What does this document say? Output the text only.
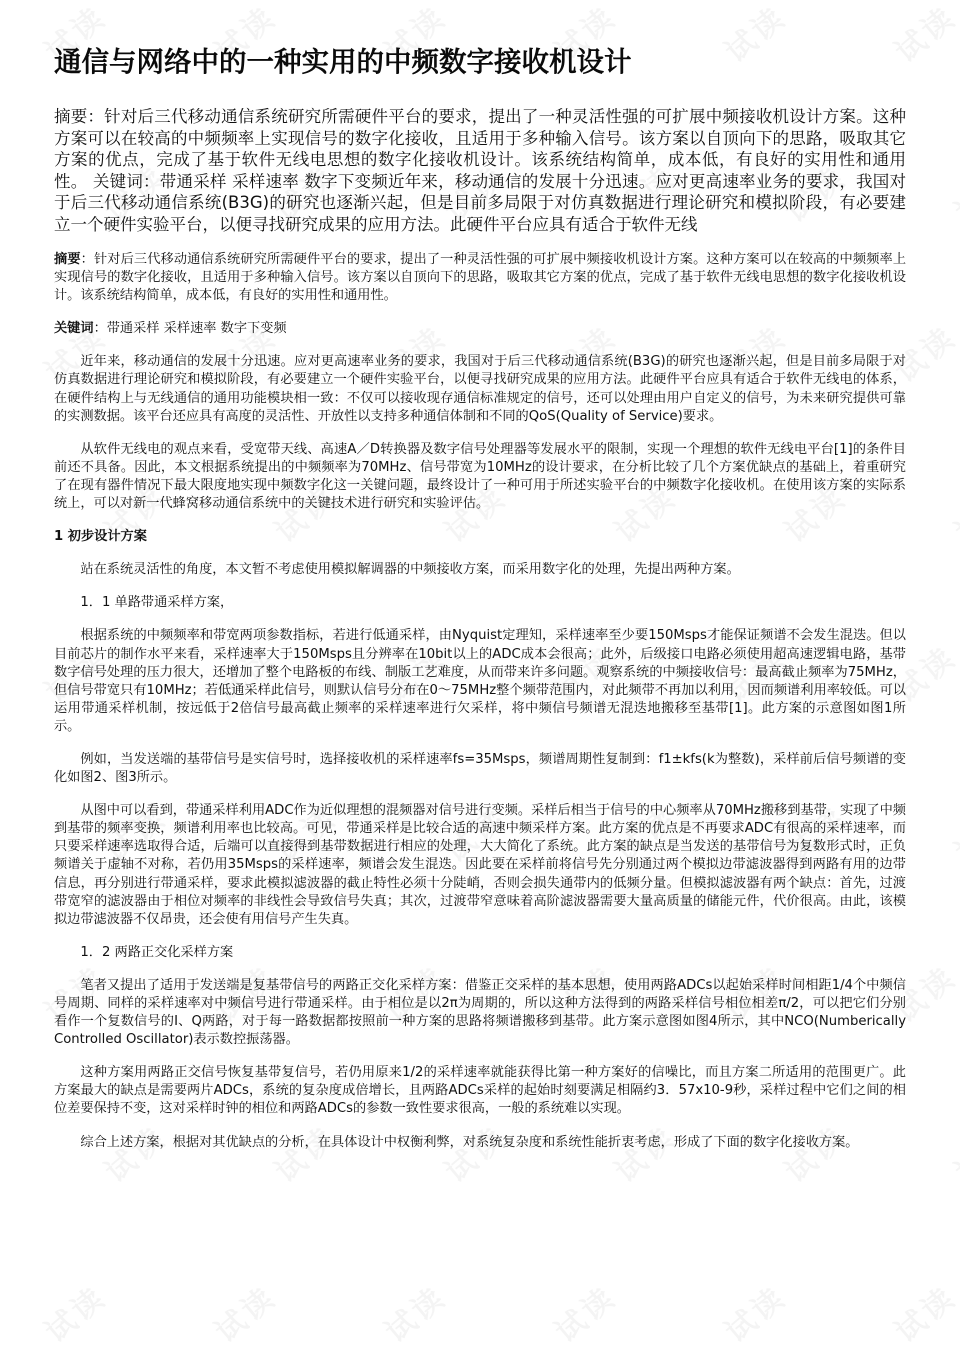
通信与网络中的一种实用的中频数字接收机设计

摘要：针对后三代移动通信系统研究所需硬件平台的要求，提出了一种灵活性强的可扩展中频接收机设计方案。这种方案可以在较高的中频频率上实现信号的数字化接收，且适用于多种输入信号。该方案以自顶向下的思路，吸取其它方案的优点，完成了基于软件无线电思想的数字化接收机设计。该系统结构简单，成本低，有良好的实用性和通用性。 关键词：带通采样 采样速率 数字下变频近年来，移动通信的发展十分迅速。应对更高速率业务的要求，我国对于后三代移动通信系统(B3G)的研究也逐渐兴起，但是目前多局限于对仿真数据进行理论研究和模拟阶段，有必要建立一个硬件实验平台，以便寻找研究成果的应用方法。此硬件平台应具有适合于软件无线

摘要：针对后三代移动通信系统研究所需硬件平台的要求，提出了一种灵活性强的可扩展中频接收机设计方案。这种方案可以在较高的中频频率上实现信号的数字化接收，且适用于多种输入信号。该方案以自顶向下的思路，吸取其它方案的优点，完成了基于软件无线电思想的数字化接收机设计。该系统结构简单，成本低，有良好的实用性和通用性。

关键词：带通采样 采样速率 数字下变频

近年来，移动通信的发展十分迅速。应对更高速率业务的要求，我国对于后三代移动通信系统(B3G)的研究也逐渐兴起，但是目前多局限于对仿真数据进行理论研究和模拟阶段，有必要建立一个硬件实验平台，以便寻找研究成果的应用方法。此硬件平台应具有适合于软件无线电的体系，在硬件结构上与无线通信的通用功能模块相一致：不仅可以接收现存通信标准规定的信号，还可以处理由用户自定义的信号，为未来研究提供可靠的实测数据。该平台还应具有高度的灵活性、开放性以支持多种通信体制和不同的QoS(Quality of Service)要求。

从软件无线电的观点来看，受宽带天线、高速A／D转换器及数字信号处理器等发展水平的限制，实现一个理想的软件无线电平台[1]的条件目前还不具备。因此，本文根据系统提出的中频频率为70MHz、信号带宽为10MHz的设计要求，在分析比较了几个方案优缺点的基础上，着重研究了在现有器件情况下最大限度地实现中频数字化这一关键问题，最终设计了一种可用于所述实验平台的中频数字化接收机。在使用该方案的实际系统上，可以对新一代蜂窝移动通信系统中的关键技术进行研究和实验评估。

1 初步设计方案

站在系统灵活性的角度，本文暂不考虑使用模拟解调器的中频接收方案，而采用数字化的处理，先提出两种方案。

1．1 单路带通采样方案，

根据系统的中频频率和带宽两项参数指标，若进行低通采样，由Nyquist定理知，采样速率至少要150Msps才能保证频谱不会发生混迭。但以目前芯片的制作水平来看，采样速率大于150Msps且分辨率在10bit以上的ADC成本会很高；此外，后级接口电路必须使用超高速逻辑电路，基带数字信号处理的压力很大，还增加了整个电路板的布线、制版工艺难度，从而带来许多问题。观察系统的中频接收信号：最高截止频率为75MHz，但信号带宽只有10MHz；若低通采样此信号，则默认信号分布在0～75MHz整个频带范围内，对此频带不再加以利用，因而频谱利用率较低。可以运用带通采样机制，按远低于2倍信号最高截止频率的采样速率进行欠采样，将中频信号频谱无混迭地搬移至基带[1]。此方案的示意图如图1所示。

例如，当发送端的基带信号是实信号时，选择接收机的采样速率fs=35Msps，频谱周期性复制到：f1±kfs(k为整数)，采样前后信号频谱的变化如图2、图3所示。

从图中可以看到，带通采样利用ADC作为近似理想的混频器对信号进行变频。采样后相当于信号的中心频率从70MHz搬移到基带，实现了中频到基带的频率变换，频谱利用率也比较高。可见，带通采样是比较合适的高速中频采样方案。此方案的优点是不再要求ADC有很高的采样速率，而只要采样速率选取得合适，后端可以直接得到基带数据进行相应的处理，大大简化了系统。此方案的缺点是当发送的基带信号为复数形式时，正负频谱关于虚轴不对称，若仍用35Msps的采样速率，频谱会发生混迭。因此要在采样前将信号先分别通过两个模拟边带滤波器得到两路有用的边带信息，再分别进行带通采样，要求此模拟滤波器的截止特性必须十分陡峭，否则会损失通带内的低频分量。但模拟滤波器有两个缺点：首先，过渡带宽窄的滤波器由于相位对频率的非线性会导致信号失真；其次，过渡带窄意味着高阶滤波器需要大量高质量的储能元件，代价很高。由此，该模拟边带滤波器不仅昂贵，还会使有用信号产生失真。

1．2 两路正交化采样方案

笔者又提出了适用于发送端是复基带信号的两路正交化采样方案：借鉴正交采样的基本思想，使用两路ADCs以起始采样时间相距1/4个中频信号周期、同样的采样速率对中频信号进行带通采样。由于相位是以2π为周期的，所以这种方法得到的两路采样信号相位相差π/2，可以把它们分别看作一个复数信号的I、Q两路，对于每一路数据都按照前一种方案的思路将频谱搬移到基带。此方案示意图如图4所示，其中NCO(Numberically Controlled Oscillator)表示数控振荡器。

这种方案用两路正交信号恢复基带复信号，若仍用原来1/2的采样速率就能获得比第一种方案好的信噪比，而且方案二所适用的范围更广。此方案最大的缺点是需要两片ADCs，系统的复杂度成倍增长，且两路ADCs采样的起始时刻要满足相隔约3．57x10-9秒，采样过程中它们之间的相位差要保持不变，这对采样时钟的相位和两路ADCs的参数一致性要求很高，一般的系统难以实现。

综合上述方案，根据对其优缺点的分析，在具体设计中权衡利弊，对系统复杂度和系统性能折衷考虑，形成了下面的数字化接收方案。
